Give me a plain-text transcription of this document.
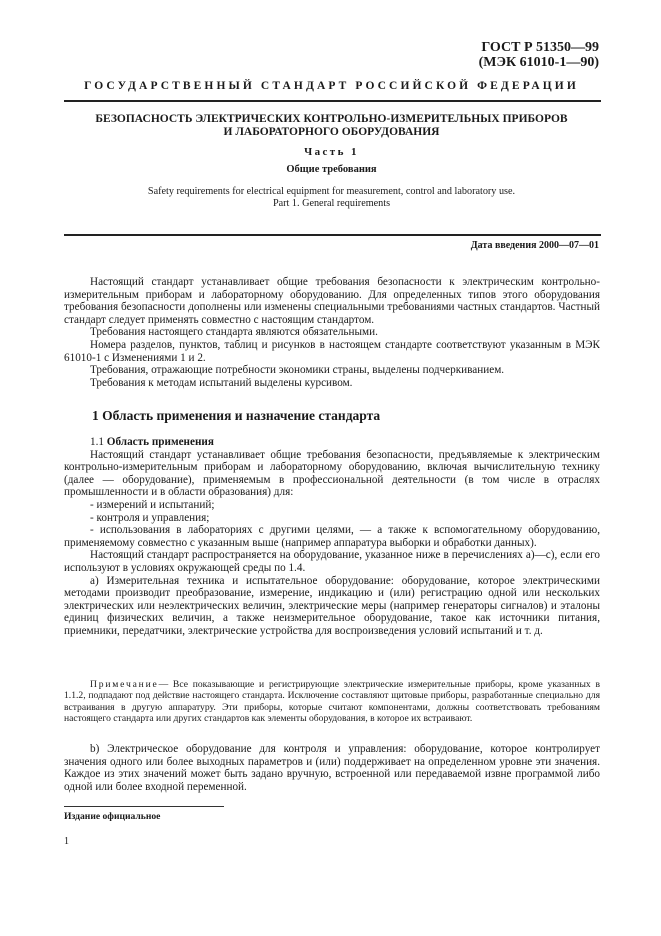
ГОСТ Р 51350—99
(МЭК 61010-1—90)
ГОСУДАРСТВЕННЫЙ СТАНДАРТ РОССИЙСКОЙ ФЕДЕРАЦИИ
БЕЗОПАСНОСТЬ ЭЛЕКТРИЧЕСКИХ КОНТРОЛЬНО-ИЗМЕРИТЕЛЬНЫХ ПРИБОРОВ
И ЛАБОРАТОРНОГО ОБОРУДОВАНИЯ
Часть 1
Общие требования
Safety requirements for electrical equipment for measurement, control and laboratory use.
Part 1. General requirements
Дата введения 2000—07—01

Настоящий стандарт устанавливает общие требования безопасности к электрическим контрольно-измерительным приборам и лабораторному оборудованию. Для определенных типов этого оборудования требования безопасности дополнены или изменены специальными требованиями частных стандартов. Частный стандарт следует применять совместно с настоящим стандартом.

Требования настоящего стандарта являются обязательными.

Номера разделов, пунктов, таблиц и рисунков в настоящем стандарте соответствуют указанным в МЭК 61010-1 с Изменениями 1 и 2.

Требования, отражающие потребности экономики страны, выделены подчеркиванием.

Требования к методам испытаний выделены курсивом.

1 Область применения и назначение стандарта

1.1 Область применения

Настоящий стандарт устанавливает общие требования безопасности, предъявляемые к электрическим контрольно-измерительным приборам и лабораторному оборудованию, включая вычислительную технику (далее — оборудование), применяемым в профессиональной деятельности (в том числе в отраслях промышленности и в области образования) для:

- измерений и испытаний;

- контроля и управления;

- использования в лабораториях с другими целями, — а также к вспомогательному оборудованию, применяемому совместно с указанным выше (например аппаратура выборки и обработки данных).

Настоящий стандарт распространяется на оборудование, указанное ниже в перечислениях а)—с), если его используют в условиях окружающей среды по 1.4.

a) Измерительная техника и испытательное оборудование: оборудование, которое электрическими методами производит преобразование, измерение, индикацию и (или) регистрацию одной или нескольких электрических или неэлектрических величин, электрические меры (например генераторы сигналов) и эталоны единиц физических величин, а также неизмерительное оборудование, такое как источники питания, приемники, передатчики, электрические устройства для воспроизведения условий испытаний и т. д.

Примечание— Все показывающие и регистрирующие электрические измерительные приборы, кроме указанных в 1.1.2, подпадают под действие настоящего стандарта. Исключение составляют щитовые приборы, разработанные специально для встраивания в другую аппаратуру. Эти приборы, которые считают компонентами, должны соответствовать требованиям настоящего стандарта или других стандартов как элементы оборудования, в которое их встраивают.

b) Электрическое оборудование для контроля и управления: оборудование, которое контролирует значения одного или более выходных параметров и (или) поддерживает на определенном уровне эти значения. Каждое из этих значений может быть задано вручную, встроенной или передаваемой извне программой либо одной или более входной переменной.

Издание официальное
1
